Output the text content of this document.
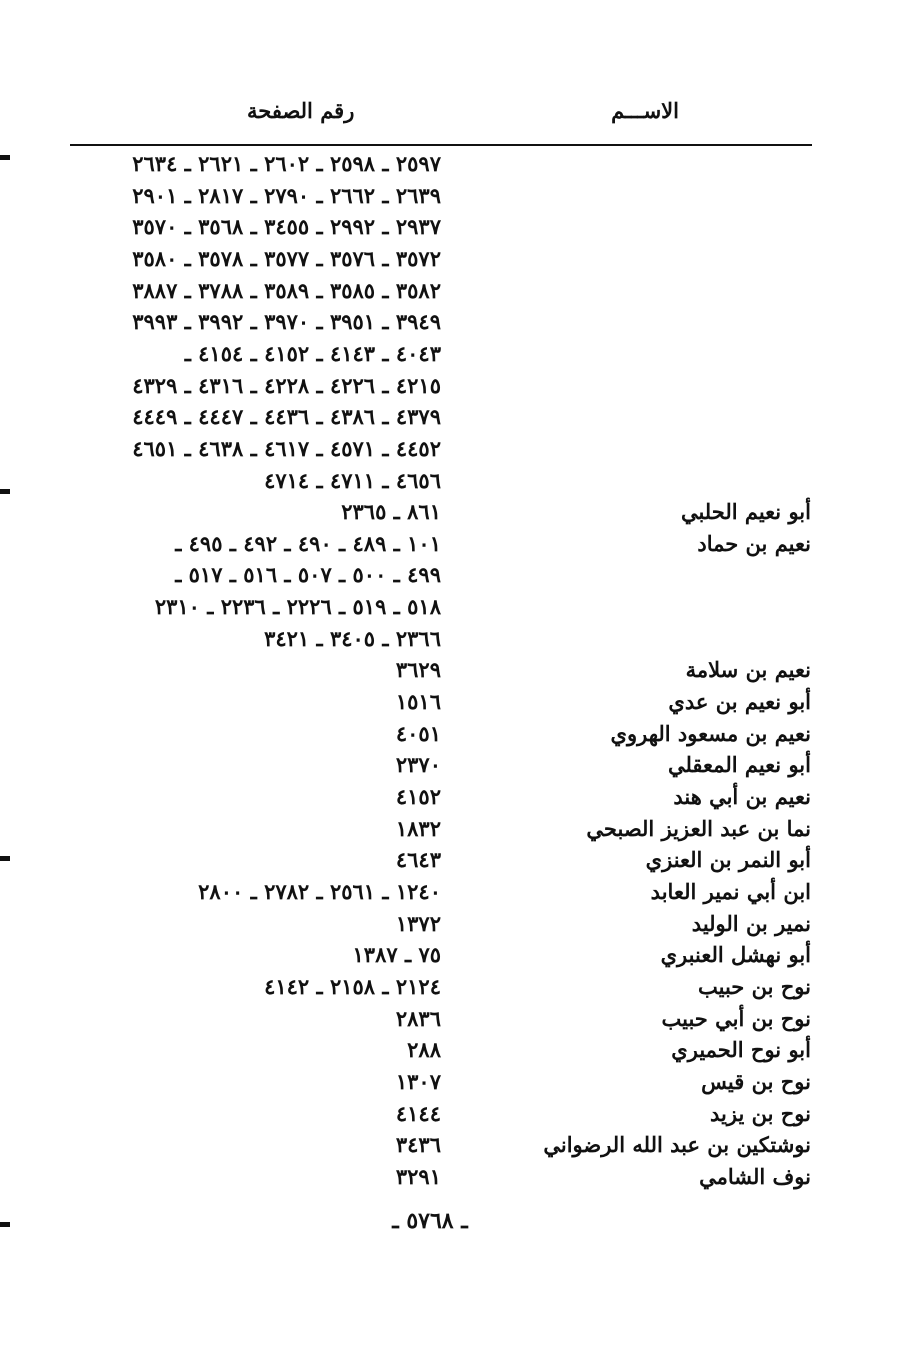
الاســـم
رقم الصفحة
٢٥٩٧ ـ ٢٥٩٨ ـ ٢٦٠٢ ـ ٢٦٢١ ـ ٢٦٣٤
٢٦٣٩ ـ ٢٦٦٢ ـ ٢٧٩٠ ـ ٢٨١٧ ـ ٢٩٠١
٢٩٣٧ ـ ٢٩٩٢ ـ ٣٤٥٥ ـ ٣٥٦٨ ـ ٣٥٧٠
٣٥٧٢ ـ ٣٥٧٦ ـ ٣٥٧٧ ـ ٣٥٧٨ ـ ٣٥٨٠
٣٥٨٢ ـ ٣٥٨٥ ـ ٣٥٨٩ ـ ٣٧٨٨ ـ ٣٨٨٧
٣٩٤٩ ـ ٣٩٥١ ـ ٣٩٧٠ ـ ٣٩٩٢ ـ ٣٩٩٣
٤٠٤٣ ـ ٤١٤٣ ـ ٤١٥٢ ـ ٤١٥٤ ـ
٤٢١٥ ـ ٤٢٢٦ ـ ٤٢٢٨ ـ ٤٣١٦ ـ ٤٣٢٩
٤٣٧٩ ـ ٤٣٨٦ ـ ٤٤٣٦ ـ ٤٤٤٧ ـ ٤٤٤٩
٤٤٥٢ ـ ٤٥٧١ ـ ٤٦١٧ ـ ٤٦٣٨ ـ ٤٦٥١
٤٦٥٦ ـ ٤٧١١ ـ ٤٧١٤
أبو نعيم الحلبي
٨٦١ ـ ٢٣٦٥
نعيم بن حماد
١٠١ ـ ٤٨٩ ـ ٤٩٠ ـ ٤٩٢ ـ ٤٩٥ ـ
٤٩٩ ـ ٥٠٠ ـ ٥٠٧ ـ ٥١٦ ـ ٥١٧ ـ
٥١٨ ـ ٥١٩ ـ ٢٢٢٦ ـ ٢٢٣٦ ـ ٢٣١٠
٢٣٦٦ ـ ٣٤٠٥ ـ ٣٤٢١
نعيم بن سلامة
٣٦٢٩
أبو نعيم بن عدي
١٥١٦
نعيم بن مسعود الهروي
٤٠٥١
أبو نعيم المعقلي
٢٣٧٠
نعيم بن أبي هند
٤١٥٢
نما بن عبد العزيز الصبحي
١٨٣٢
أبو النمر بن العنزي
٤٦٤٣
ابن أبي نمير العابد
١٢٤٠ ـ ٢٥٦١ ـ ٢٧٨٢ ـ ٢٨٠٠
نمير بن الوليد
١٣٧٢
أبو نهشل العنبري
٧٥ ـ ١٣٨٧
نوح بن حبيب
٢١٢٤ ـ ٢١٥٨ ـ ٤١٤٢
نوح بن أبي حبيب
٢٨٣٦
أبو نوح الحميري
٢٨٨
نوح بن قيس
١٣٠٧
نوح بن يزيد
٤١٤٤
نوشتكين بن عبد الله الرضواني
٣٤٣٦
نوف الشامي
٣٢٩١
ـ ٥٧٦٨ ـ
